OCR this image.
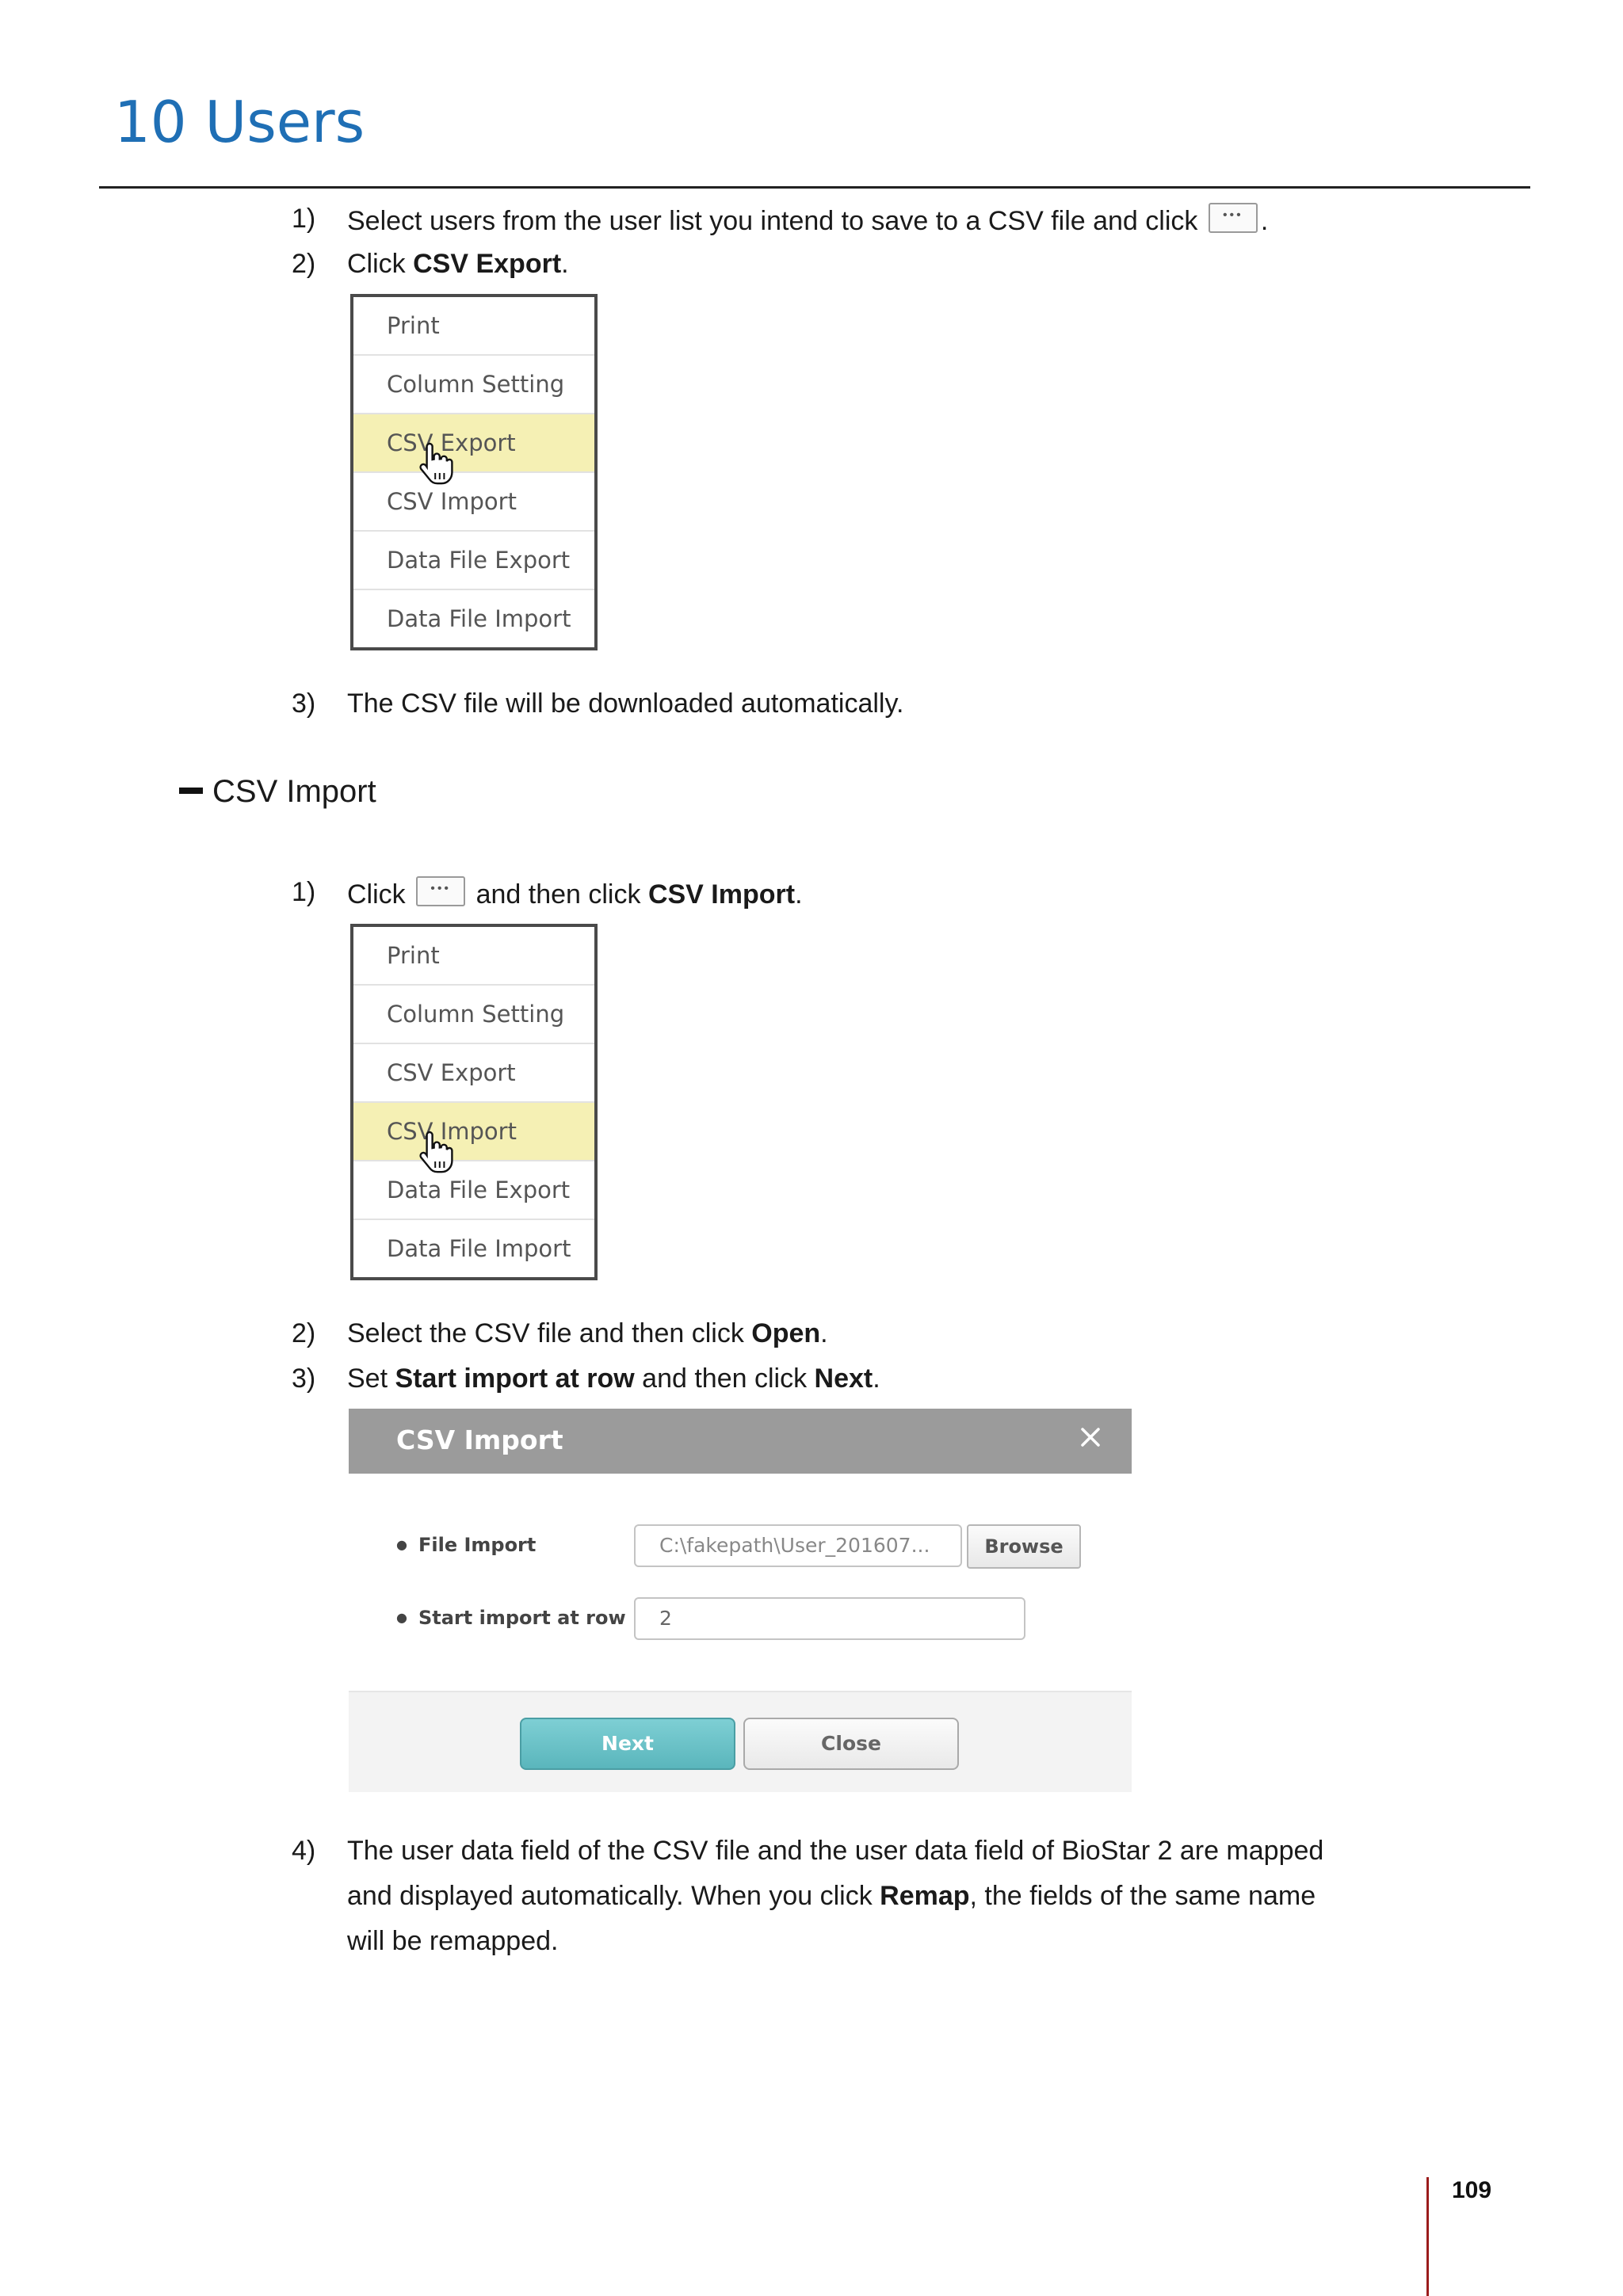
10 Users
1) Select users from the user list you intend to save to a CSV file and click ••• .
2) Click CSV Export.
Print
Column Setting
CSV Export
CSV Import
Data File Export
Data File Import
3) The CSV file will be downloaded automatically.
CSV Import
1) Click •••	and then click CSV Import.
Print
Column Setting
CSV Export
CSV Import
Data File Export
Data File Import
2) Select the CSV file and then click Open.
3) Set Start import at row and then click Next.
CSV Import
● File Import	C:\fakepath\User_201607...	Browse
● Start import at row	2
Next	Close
4) The user data field of the CSV file and the user data field of BioStar 2 are mapped and displayed automatically. When you click Remap, the fields of the same name will be remapped.
109
